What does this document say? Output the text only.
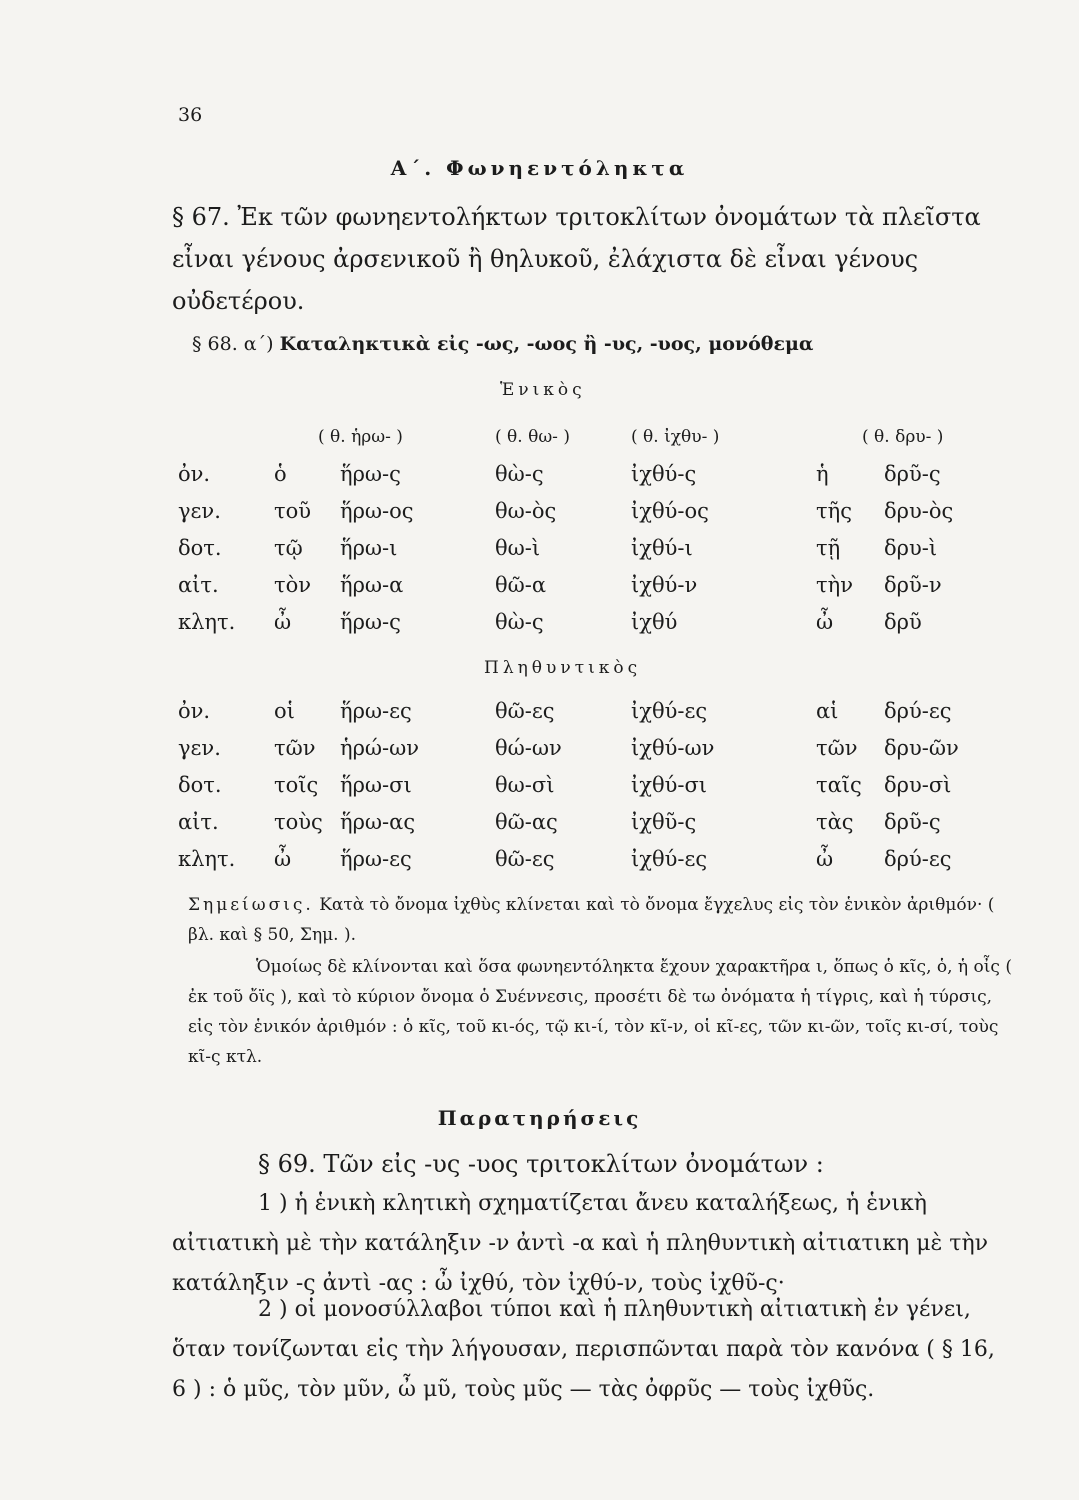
36
Α΄. Φωνηεντόληκτα
§ 67. Ἐκ τῶν φωνηεντολήκτων τριτοκλίτων ὀνομάτων τὰ πλεῖστα εἶναι γένους ἀρσενικοῦ ἢ θηλυκοῦ, ἐλάχιστα δὲ εἶναι γένους οὐδετέρου.
§ 68. α΄) Καταληκτικὰ εἰς -ως, -ωος ἢ -υς, -υος, μονόθεμα
Ἑνικὸς
		( θ. ἡρω- )	( θ. θω- )	( θ. ἰχθυ- )		( θ. δρυ- )
ὀν.	ὁ	ἥρω-ς	θὼ-ς	ἰχθύ-ς	ἡ	δρῦ-ς
γεν.	τοῦ	ἥρω-ος	θω-ὸς	ἰχθύ-ος	τῆς	δρυ-ὸς
δοτ.	τῷ	ἥρω-ι	θω-ὶ	ἰχθύ-ι	τῇ	δρυ-ὶ
αἰτ.	τὸν	ἥρω-α	θῶ-α	ἰχθύ-ν	τὴν	δρῦ-ν
κλητ.	ὦ	ἥρω-ς	θὼ-ς	ἰχθύ	ὦ	δρῦ
Πληθυντικὸς
ὀν.	οἱ	ἥρω-ες	θῶ-ες	ἰχθύ-ες	αἱ	δρύ-ες
γεν.	τῶν	ἡρώ-ων	θώ-ων	ἰχθύ-ων	τῶν	δρυ-ῶν
δοτ.	τοῖς	ἥρω-σι	θω-σὶ	ἰχθύ-σι	ταῖς	δρυ-σὶ
αἰτ.	τοὺς	ἥρω-ας	θῶ-ας	ἰχθῦ-ς	τὰς	δρῦ-ς
κλητ.	ὦ	ἥρω-ες	θῶ-ες	ἰχθύ-ες	ὦ	δρύ-ες
Σημείωσις. Κατὰ τὸ ὄνομα ἰχθὺς κλίνεται καὶ τὸ ὄνομα ἔγχελυς εἰς τὸν ἑνικὸν ἀριθμόν· ( βλ. καὶ § 50, Σημ. ).
Ὁμοίως δὲ κλίνονται καὶ ὅσα φωνηεντόληκτα ἔχουν χαρακτῆρα ι, ὅπως ὁ κῖς, ὁ, ἡ οἶς ( ἐκ τοῦ ὄϊς ), καὶ τὸ κύριον ὄνομα ὁ Συέννεσις, προσέτι δὲ τω ὀνόματα ἡ τίγρις, καὶ ἡ τύρσις, εἰς τὸν ἑνικόν ἀριθμόν : ὁ κῖς, τοῦ κι-ός, τῷ κι-ί, τὸν κῖ-ν, οἱ κῖ-ες, τῶν κι-ῶν, τοῖς κι-σί, τοὺς κῖ-ς κτλ.
Παρατηρήσεις
§ 69. Τῶν εἰς -υς -υος τριτοκλίτων ὀνομάτων :
1 ) ἡ ἑνικὴ κλητικὴ σχηματίζεται ἄνευ καταλήξεως, ἡ ἑνικὴ αἰτιατικὴ μὲ τὴν κατάληξιν -ν ἀντὶ -α καὶ ἡ πληθυντικὴ αἰτιατικη μὲ τὴν κατάληξιν -ς ἀντὶ -ας : ὦ ἰχθύ, τὸν ἰχθύ-ν, τοὺς ἰχθῦ-ς·
2 ) οἱ μονοσύλλαβοι τύποι καὶ ἡ πληθυντικὴ αἰτιατικὴ ἐν γένει, ὅταν τονίζωνται εἰς τὴν λήγουσαν, περισπῶνται παρὰ τὸν κανόνα ( § 16, 6 ) : ὁ μῦς, τὸν μῦν, ὦ μῦ, τοὺς μῦς — τὰς ὀφρῦς — τοὺς ἰχθῦς.
